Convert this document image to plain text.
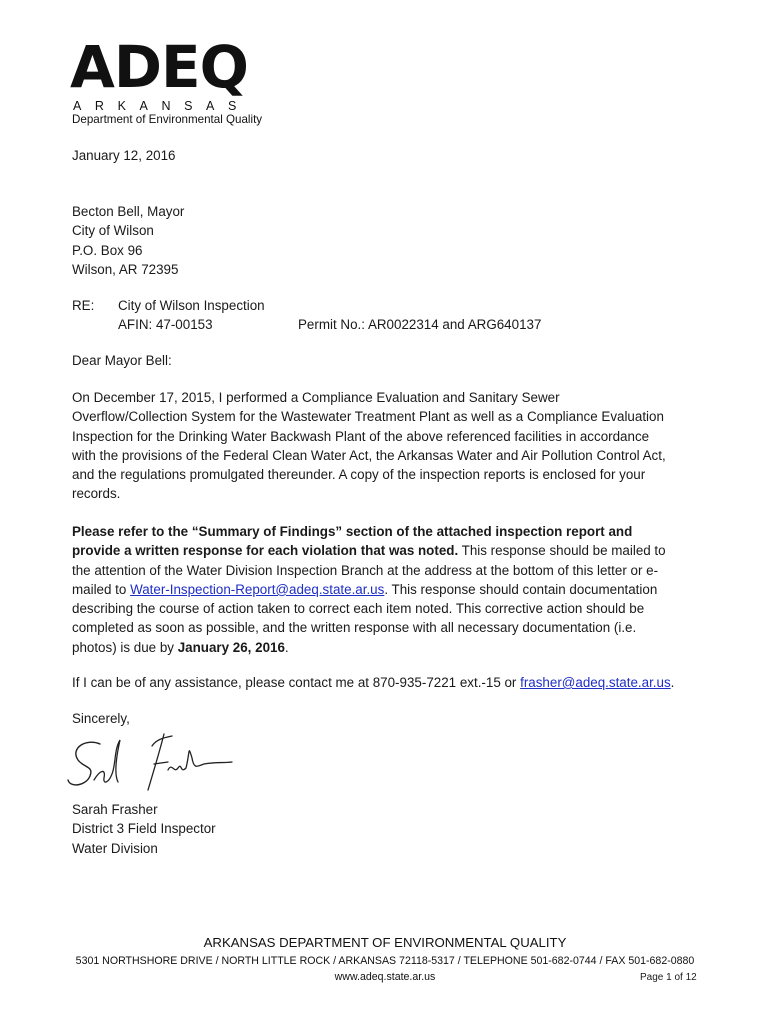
ADEQ
ARKANSAS
Department of Environmental Quality
January 12, 2016
Becton Bell, Mayor
City of Wilson
P.O. Box 96
Wilson, AR 72395
RE: City of Wilson Inspection
AFIN: 47-00153	Permit No.: AR0022314 and ARG640137
Dear Mayor Bell:
On December 17, 2015, I performed a Compliance Evaluation and Sanitary Sewer
Overflow/Collection System for the Wastewater Treatment Plant as well as a Compliance Evaluation
Inspection for the Drinking Water Backwash Plant of the above referenced facilities in accordance
with the provisions of the Federal Clean Water Act, the Arkansas Water and Air Pollution Control Act,
and the regulations promulgated thereunder. A copy of the inspection reports is enclosed for your
records.
Please refer to the “Summary of Findings” section of the attached inspection report and
provide a written response for each violation that was noted. This response should be mailed to
the attention of the Water Division Inspection Branch at the address at the bottom of this letter or e-
mailed to Water-Inspection-Report@adeq.state.ar.us. This response should contain documentation
describing the course of action taken to correct each item noted. This corrective action should be
completed as soon as possible, and the written response with all necessary documentation (i.e.
photos) is due by January 26, 2016.
If I can be of any assistance, please contact me at 870-935-7221 ext.-15 or frasher@adeq.state.ar.us.
Sincerely,
Sarah Frasher
District 3 Field Inspector
Water Division
ARKANSAS DEPARTMENT OF ENVIRONMENTAL QUALITY
5301 NORTHSHORE DRIVE / NORTH LITTLE ROCK / ARKANSAS 72118-5317 / TELEPHONE 501-682-0744 / FAX 501-682-0880
www.adeq.state.ar.us	Page 1 of 12
